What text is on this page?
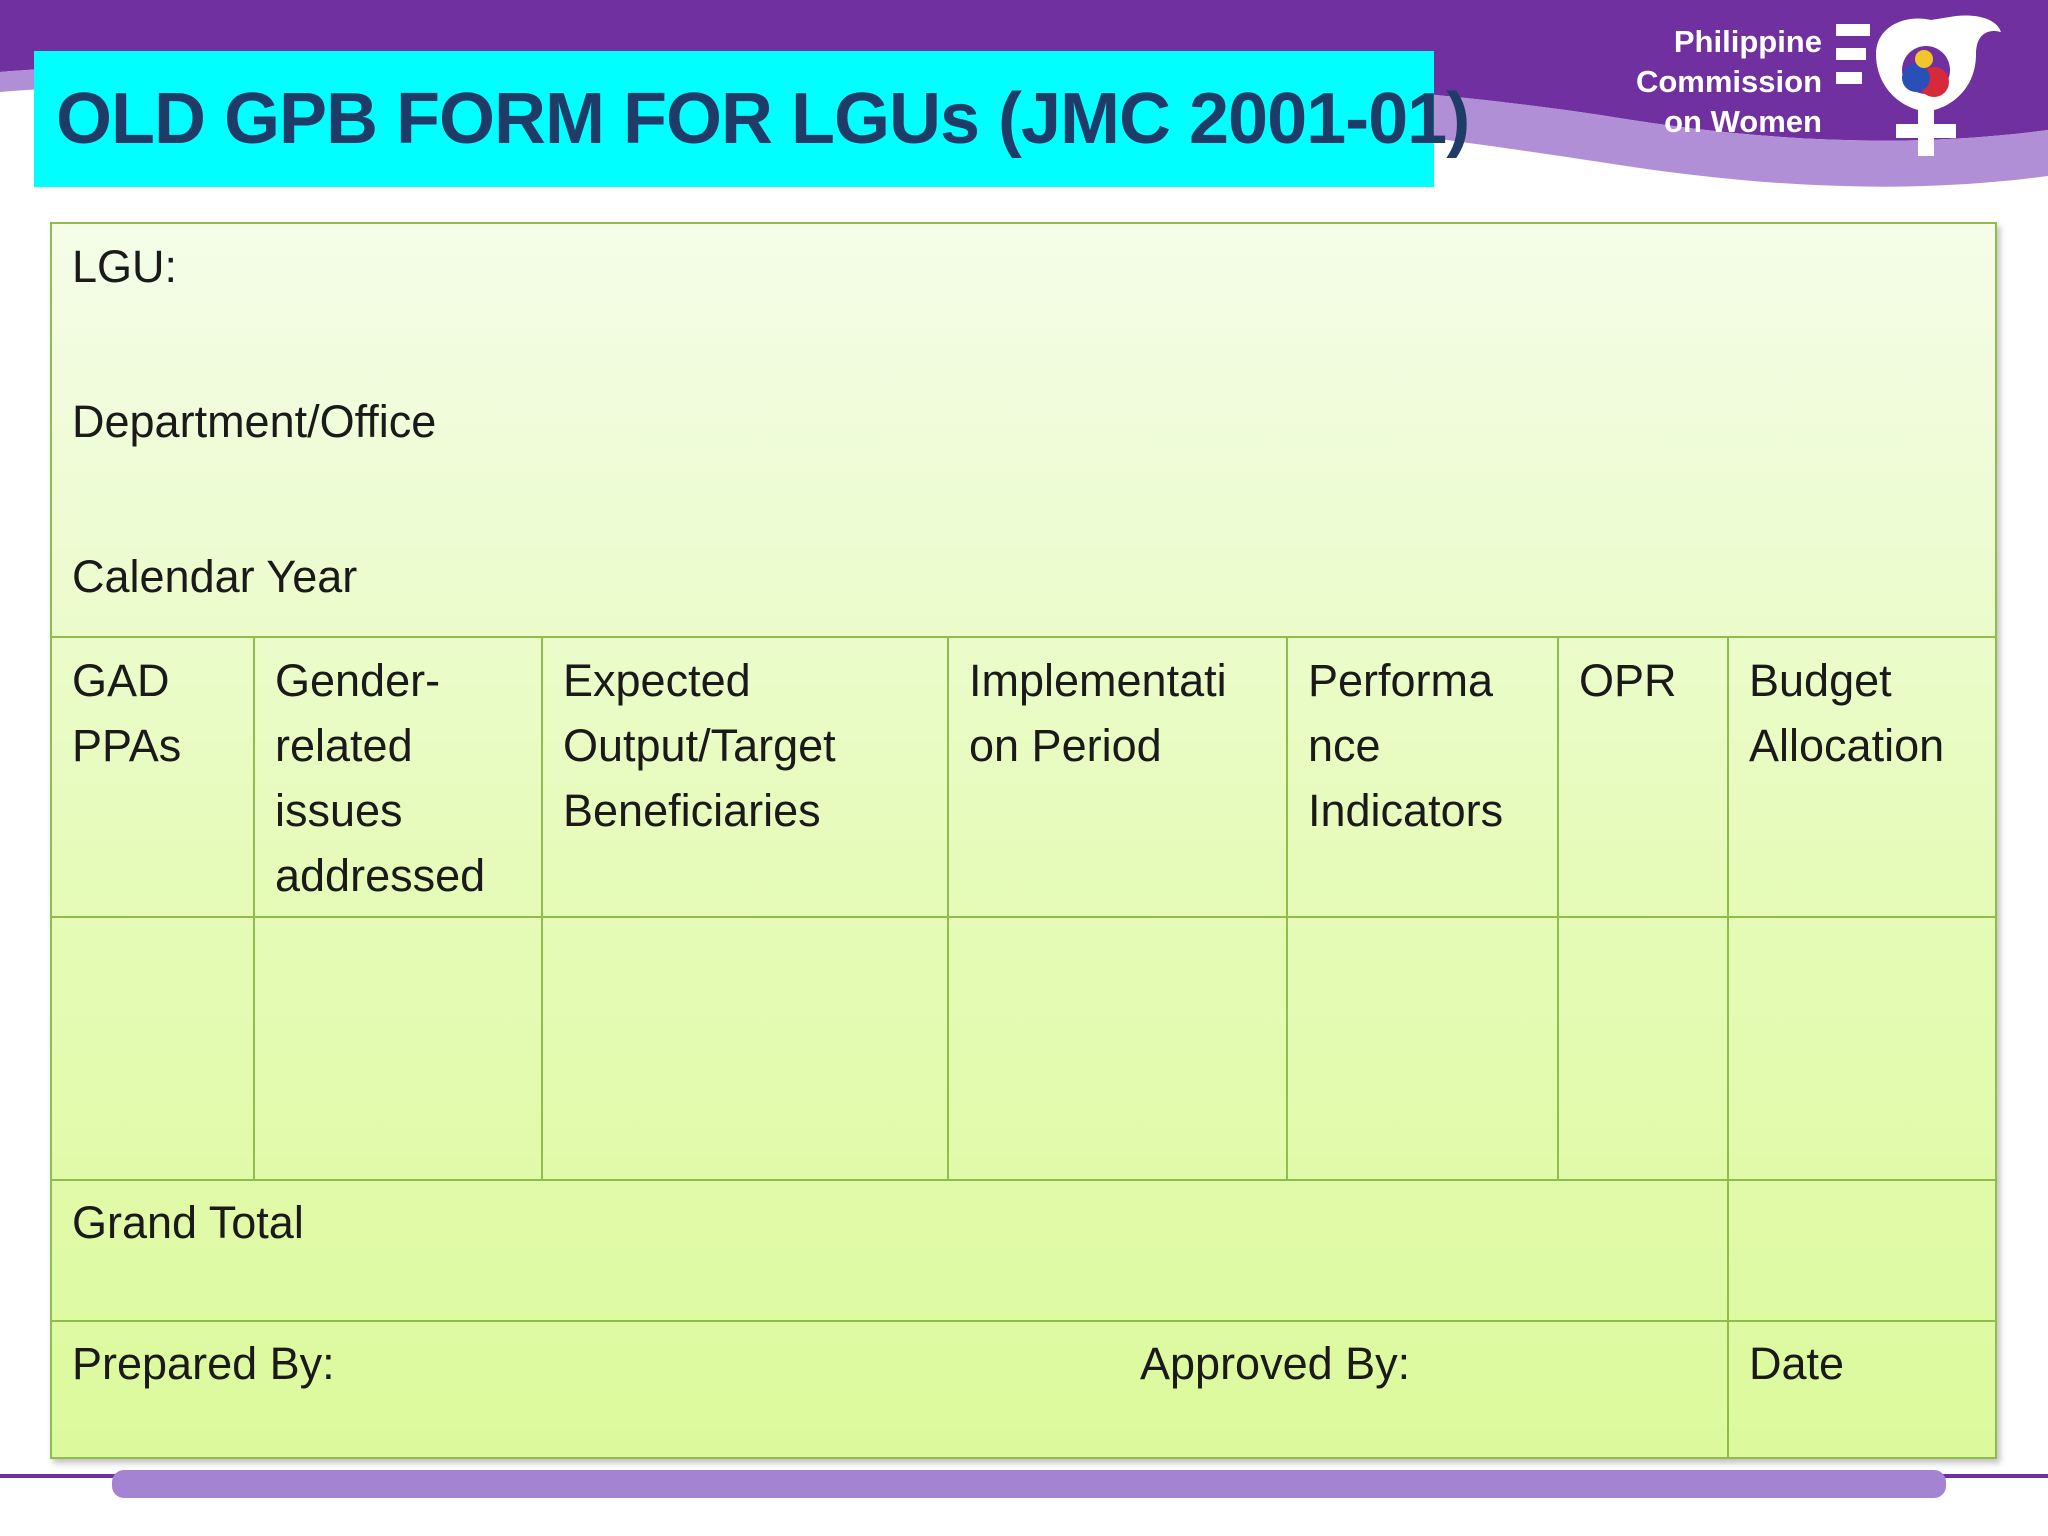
OLD GPB FORM FOR LGUs (JMC 2001-01)
Philippine
Commission
on Women
LGU:
Department/Office
Calendar Year
GAD
PPAs
Gender-
related
issues
addressed
Expected
Output/Target
Beneficiaries
Implementati
on Period
Performa
nce
Indicators
OPR Budget
Allocation
Grand Total
Prepared By:	Approved By:	Date
